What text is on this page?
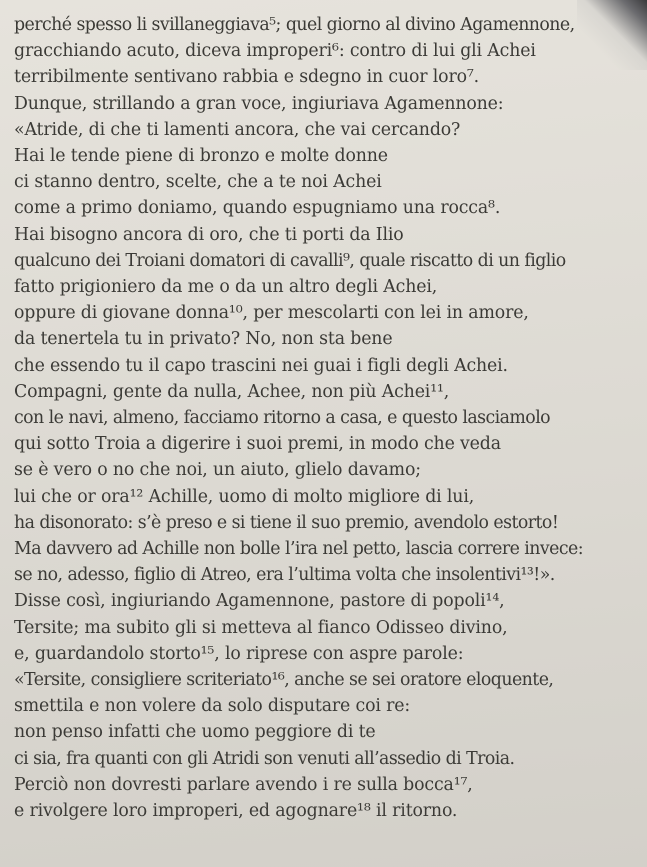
perché spesso li svillaneggiava⁵; quel giorno al divino Agamennone,
gracchiando acuto, diceva improperi⁶: contro di lui gli Achei
terribilmente sentivano rabbia e sdegno in cuor loro⁷.
Dunque, strillando a gran voce, ingiuriava Agamennone:
«Atride, di che ti lamenti ancora, che vai cercando?
Hai le tende piene di bronzo e molte donne
ci stanno dentro, scelte, che a te noi Achei
come a primo doniamo, quando espugniamo una rocca⁸.
Hai bisogno ancora di oro, che ti porti da Ilio
qualcuno dei Troiani domatori di cavalli⁹, quale riscatto di un figlio
fatto prigioniero da me o da un altro degli Achei,
oppure di giovane donna¹⁰, per mescolarti con lei in amore,
da tenertela tu in privato? No, non sta bene
che essendo tu il capo trascini nei guai i figli degli Achei.
Compagni, gente da nulla, Achee, non più Achei¹¹,
con le navi, almeno, facciamo ritorno a casa, e questo lasciamolo
qui sotto Troia a digerire i suoi premi, in modo che veda
se è vero o no che noi, un aiuto, glielo davamo;
lui che or ora¹² Achille, uomo di molto migliore di lui,
ha disonorato: s’è preso e si tiene il suo premio, avendolo estorto!
Ma davvero ad Achille non bolle l’ira nel petto, lascia correre invece:
se no, adesso, figlio di Atreo, era l’ultima volta che insolentivi¹³!».
Disse così, ingiuriando Agamennone, pastore di popoli¹⁴,
Tersite; ma subito gli si metteva al fianco Odisseo divino,
e, guardandolo storto¹⁵, lo riprese con aspre parole:
«Tersite, consigliere scriteriato¹⁶, anche se sei oratore eloquente,
smettila e non volere da solo disputare coi re:
non penso infatti che uomo peggiore di te
ci sia, fra quanti con gli Atridi son venuti all’assedio di Troia.
Perciò non dovresti parlare avendo i re sulla bocca¹⁷,
e rivolgere loro improperi, ed agognare¹⁸ il ritorno.
